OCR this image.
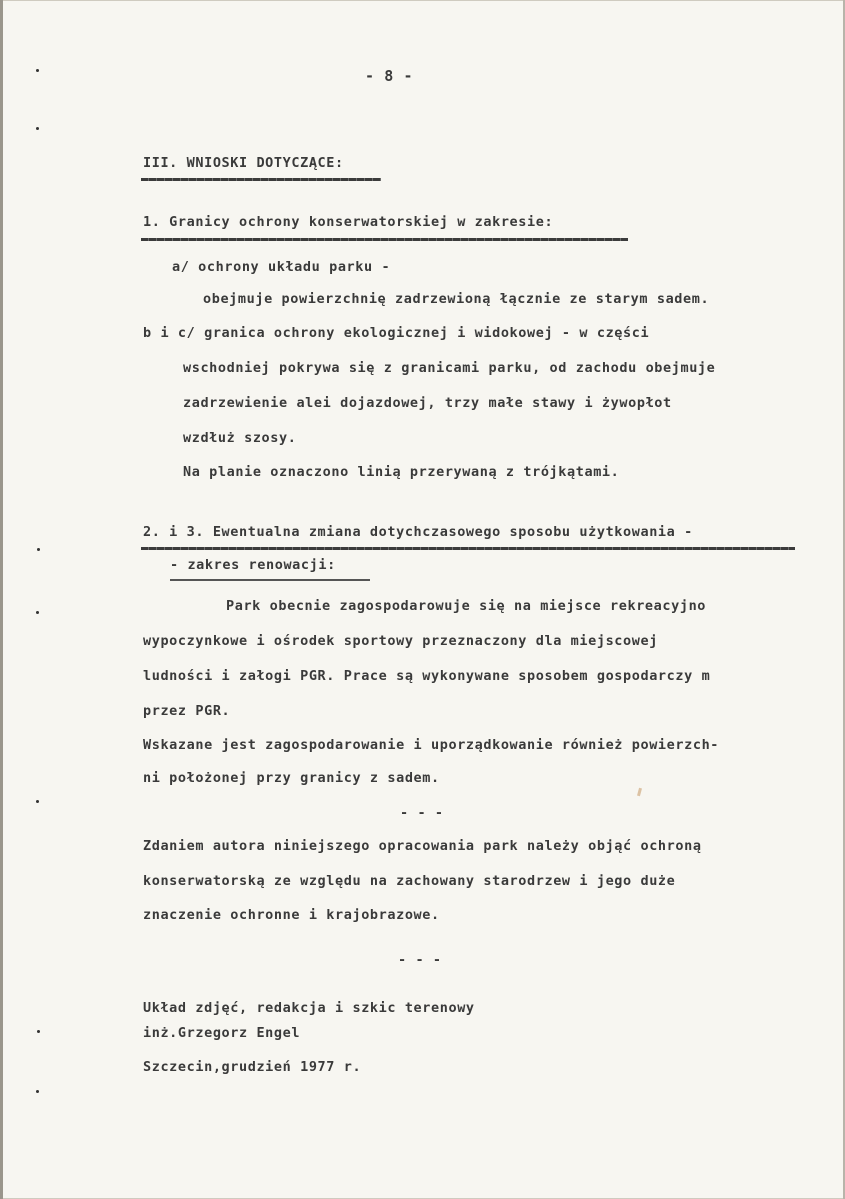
- 8 -
III. WNIOSKI DOTYCZĄCE:
1. Granicy ochrony konserwatorskiej w zakresie:
a/ ochrony układu parku -
obejmuje powierzchnię zadrzewioną łącznie ze starym sadem.
b i c/ granica ochrony ekologicznej i widokowej - w części
wschodniej pokrywa się z granicami parku, od zachodu obejmuje
zadrzewienie alei dojazdowej, trzy małe stawy i żywopłot
wzdłuż szosy.
Na planie oznaczono linią przerywaną z trójkątami.
2. i 3. Ewentualna zmiana dotychczasowego sposobu użytkowania -
- zakres renowacji:
Park obecnie zagospodarowuje się na miejsce rekreacyjno
wypoczynkowe i ośrodek sportowy przeznaczony dla miejscowej
ludności i załogi PGR. Prace są wykonywane sposobem gospodarczy m
przez PGR.
Wskazane jest zagospodarowanie i uporządkowanie również powierzch-
ni położonej przy granicy z sadem.
- - -
Zdaniem autora niniejszego opracowania park należy objąć ochroną
konserwatorską ze względu na zachowany starodrzew i jego duże
znaczenie ochronne i krajobrazowe.
- - -
Układ zdjęć, redakcja i szkic terenowy
inż.Grzegorz Engel
Szczecin,grudzień 1977 r.
